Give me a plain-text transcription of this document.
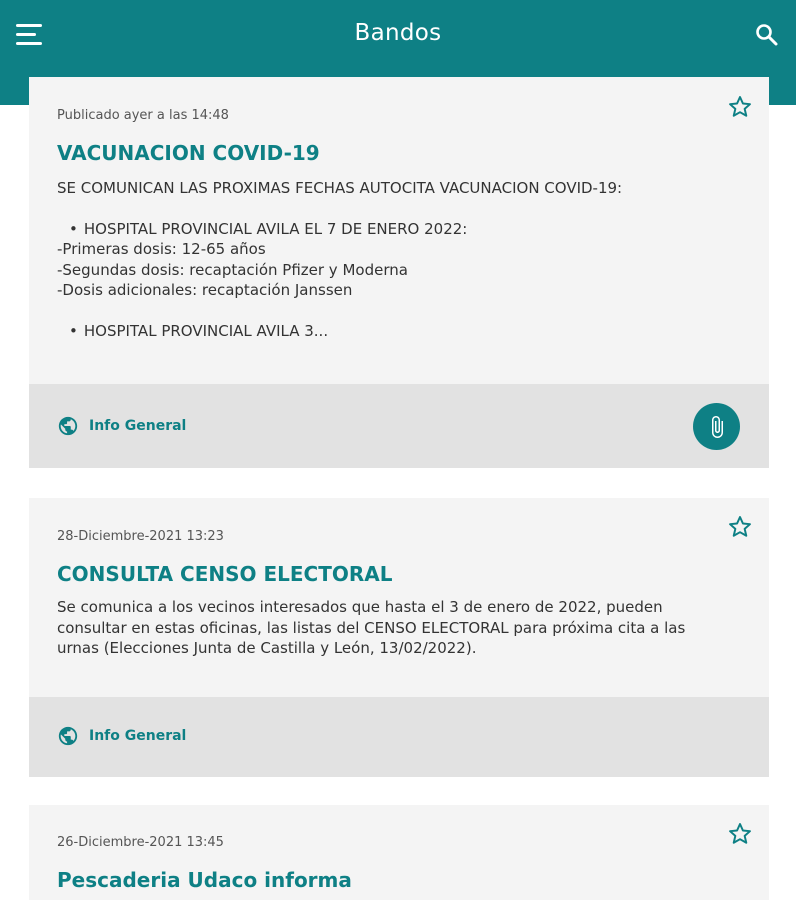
Bandos
Publicado ayer a las 14:48
VACUNACION COVID-19

SE COMUNICAN LAS PROXIMAS FECHAS AUTOCITA VACUNACION COVID-19:

• HOSPITAL PROVINCIAL AVILA EL 7 DE ENERO 2022:

-Primeras dosis: 12-65 años

-Segundas dosis: recaptación Pfizer y Moderna

-Dosis adicionales: recaptación Janssen

• HOSPITAL PROVINCIAL AVILA 3...

Info General
28-Diciembre-2021 13:23
CONSULTA CENSO ELECTORAL

Se comunica a los vecinos interesados que hasta el 3 de enero de 2022, pueden

consultar en estas oficinas, las listas del CENSO ELECTORAL para próxima cita a las

urnas (Elecciones Junta de Castilla y León, 13/02/2022).

Info General
26-Diciembre-2021 13:45
Pescaderia Udaco informa
